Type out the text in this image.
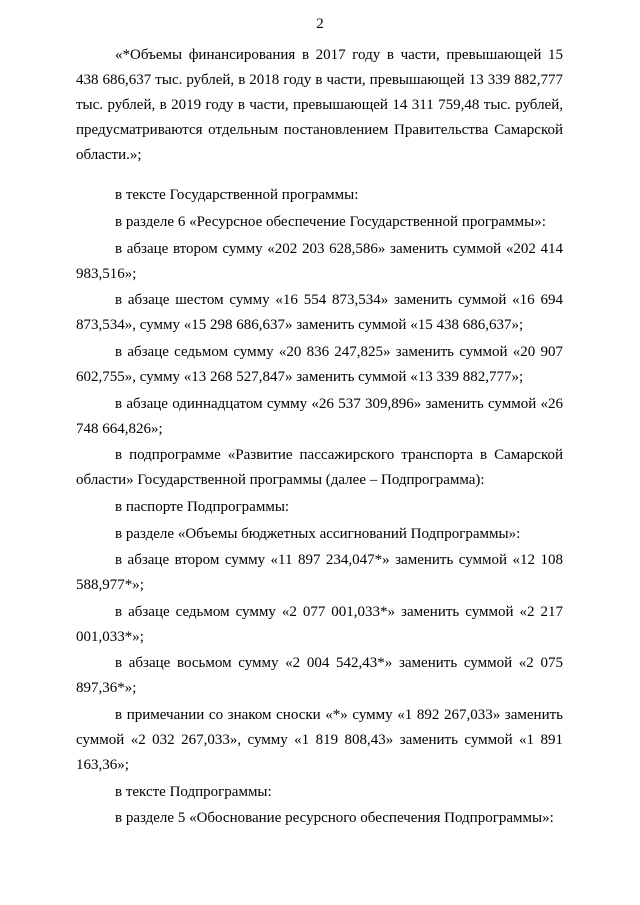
2

«*Объемы финансирования в 2017 году в части, превышающей 15 438 686,637 тыс. рублей, в 2018 году в части, превышающей 13 339 882,777 тыс. рублей, в 2019 году в части, превышающей 14 311 759,48 тыс. рублей, предусматриваются отдельным постановлением Правительства Самарской области.»;

в тексте Государственной программы:

в разделе 6 «Ресурсное обеспечение Государственной программы»:

в абзаце втором сумму «202 203 628,586» заменить суммой «202 414 983,516»;

в абзаце шестом сумму «16 554 873,534» заменить суммой «16 694 873,534», сумму «15 298 686,637» заменить суммой «15 438 686,637»;

в абзаце седьмом сумму «20 836 247,825» заменить суммой «20 907 602,755», сумму «13 268 527,847» заменить суммой «13 339 882,777»;

в абзаце одиннадцатом сумму «26 537 309,896» заменить суммой «26 748 664,826»;

в подпрограмме «Развитие пассажирского транспорта в Самарской области» Государственной программы (далее – Подпрограмма):

в паспорте Подпрограммы:

в разделе «Объемы бюджетных ассигнований Подпрограммы»:

в абзаце втором сумму «11 897 234,047*» заменить суммой «12 108 588,977*»;

в абзаце седьмом сумму «2 077 001,033*» заменить суммой «2 217 001,033*»;

в абзаце восьмом сумму «2 004 542,43*» заменить суммой «2 075 897,36*»;

в примечании со знаком сноски «*» сумму «1 892 267,033» заменить суммой «2 032 267,033», сумму «1 819 808,43» заменить суммой «1 891 163,36»;

в тексте Подпрограммы:

в разделе 5 «Обоснование ресурсного обеспечения Подпрограммы»:
